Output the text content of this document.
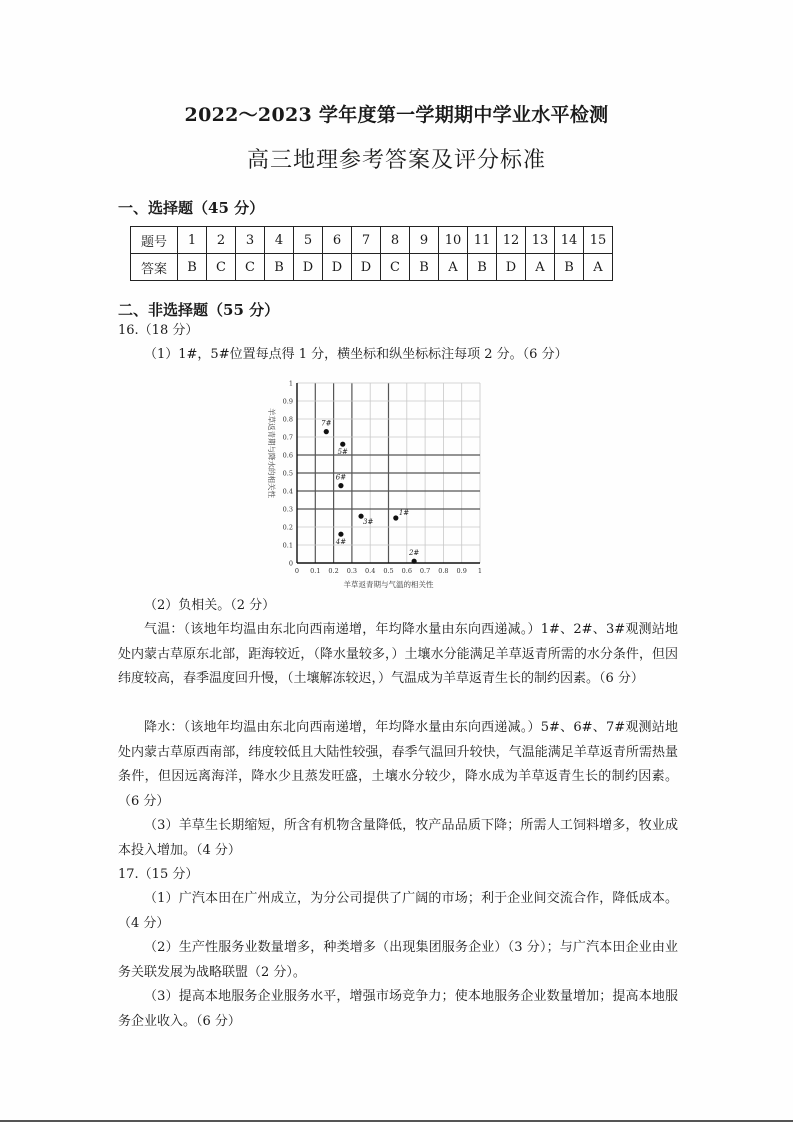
2022～2023 学年度第一学期期中学业水平检测
高三地理参考答案及评分标准
一、选择题（45 分）
题号	1	2	3	4	5	6	7	8	9	10	11	12	13	14	15
答案	B	C	C	B	D	D	D	C	B	A	B	D	A	B	A
二、非选择题（55 分）
16.（18 分）
（1）1#，5#位置每点得 1 分，横坐标和纵坐标标注每项 2 分。（6 分）
0 0.1 0.2 0.3 0.4 0.5 0.6 0.7 0.8 0.9 1
0
0.1
0.2
0.3
0.4
0.5
0.6
0.7
0.8
0.9
1
羊草返青期与气温的相关性
羊草返青期与降水的相关性
1#
2#
3#
4#
5#
6#
7#
（2）负相关。（2 分）
气温：（该地年均温由东北向西南递增，年均降水量由东向西递减。）1#、2#、3#观测站地处内蒙古草原东北部，距海较近，（降水量较多，）土壤水分能满足羊草返青所需的水分条件，但因纬度较高，春季温度回升慢，（土壤解冻较迟，）气温成为羊草返青生长的制约因素。（6 分）
降水：（该地年均温由东北向西南递增，年均降水量由东向西递减。）5#、6#、7#观测站地处内蒙古草原西南部，纬度较低且大陆性较强，春季气温回升较快，气温能满足羊草返青所需热量条件，但因远离海洋，降水少且蒸发旺盛，土壤水分较少，降水成为羊草返青生长的制约因素。（6 分）
（3）羊草生长期缩短，所含有机物含量降低，牧产品品质下降；所需人工饲料增多，牧业成本投入增加。（4 分）
17.（15 分）
（1）广汽本田在广州成立，为分公司提供了广阔的市场；利于企业间交流合作，降低成本。（4 分）
（2）生产性服务业数量增多，种类增多（出现集团服务企业）（3 分）；与广汽本田企业由业务关联发展为战略联盟（2 分）。
（3）提高本地服务企业服务水平，增强市场竞争力；使本地服务企业数量增加；提高本地服务企业收入。（6 分）
